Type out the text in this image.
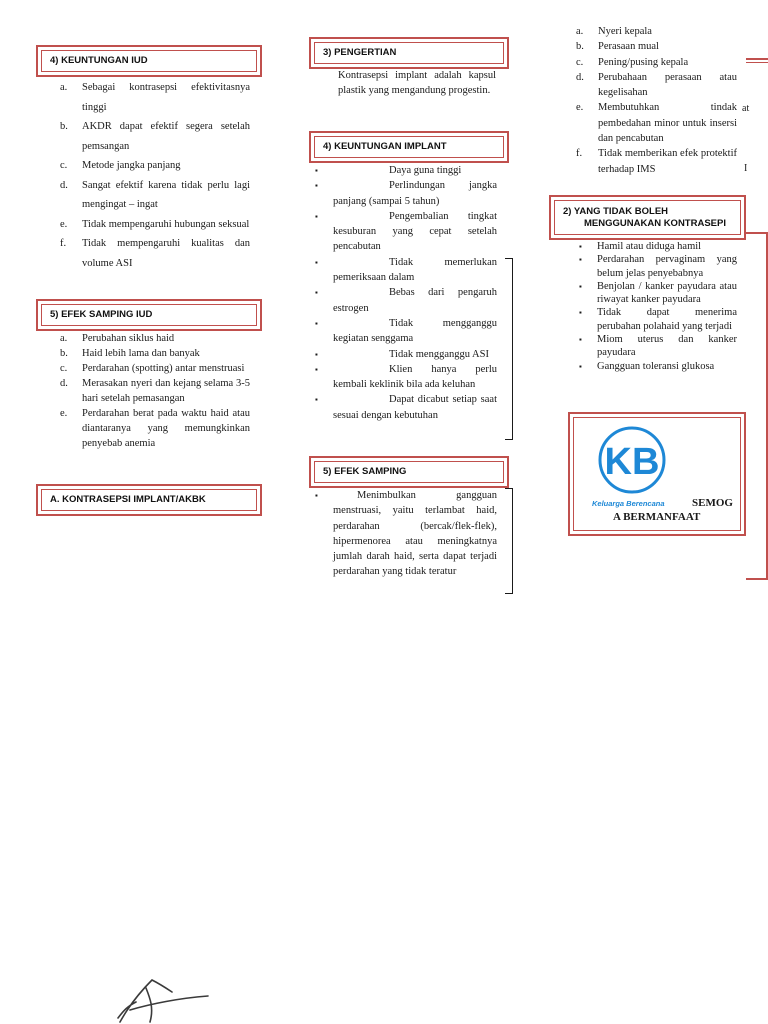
4) KEUNTUNGAN IUD
a. Sebagai kontrasepsi efektivitasnya tinggi
b. AKDR dapat efektif segera setelah pemsangan
c. Metode jangka panjang
d. Sangat efektif karena tidak perlu lagi mengingat – ingat
e. Tidak mempengaruhi hubungan seksual
f. Tidak mempengaruhi kualitas dan volume ASI
5) EFEK SAMPING IUD
a. Perubahan siklus haid
b. Haid lebih lama dan banyak
c. Perdarahan (spotting) antar menstruasi
d. Merasakan nyeri dan kejang selama 3-5 hari setelah pemasangan
e. Perdarahan berat pada waktu haid atau diantaranya yang memungkinkan penyebab anemia
A. KONTRASEPSI IMPLANT/AKBK
3) PENGERTIAN
Kontrasepsi implant adalah kapsul plastik yang mengandung progestin.
4) KEUNTUNGAN IMPLANT
▪	Daya guna tinggi
▪	Perlindungan jangka panjang (sampai 5 tahun)
▪	Pengembalian tingkat kesuburan yang cepat setelah pencabutan
▪	Tidak memerlukan pemeriksaan dalam
▪	Bebas dari pengaruh estrogen
▪	Tidak mengganggu kegiatan senggama
▪	Tidak mengganggu ASI
▪	Klien hanya perlu kembali keklinik bila ada keluhan
▪	Dapat dicabut setiap saat sesuai dengan kebutuhan
5) EFEK SAMPING
▪	Menimbulkan gangguan menstruasi, yaitu terlambat haid, perdarahan (bercak/flek-flek), hipermenorea atau meningkatnya jumlah darah haid, serta dapat terjadi perdarahan yang tidak teratur
a. Nyeri kepala
b. Perasaan mual
c. Pening/pusing kepala
d. Perubahaan perasaan atau kegelisahan
e. Membutuhkan tindak pembedahan minor untuk insersi dan pencabutan
f. Tidak memberikan efek protektif terhadap IMS
at
I
2) YANG TIDAK BOLEH
MENGGUNAKAN KONTRASEPI
▪ Hamil atau diduga hamil
▪ Perdarahan pervaginam yang belum jelas penyebabnya
▪ Benjolan / kanker payudara atau riwayat kanker payudara
▪ Tidak dapat menerima perubahan polahaid yang terjadi
▪ Miom uterus dan kanker payudara
▪ Gangguan toleransi glukosa
KB
Keluarga Berencana SEMOG
A BERMANFAAT
